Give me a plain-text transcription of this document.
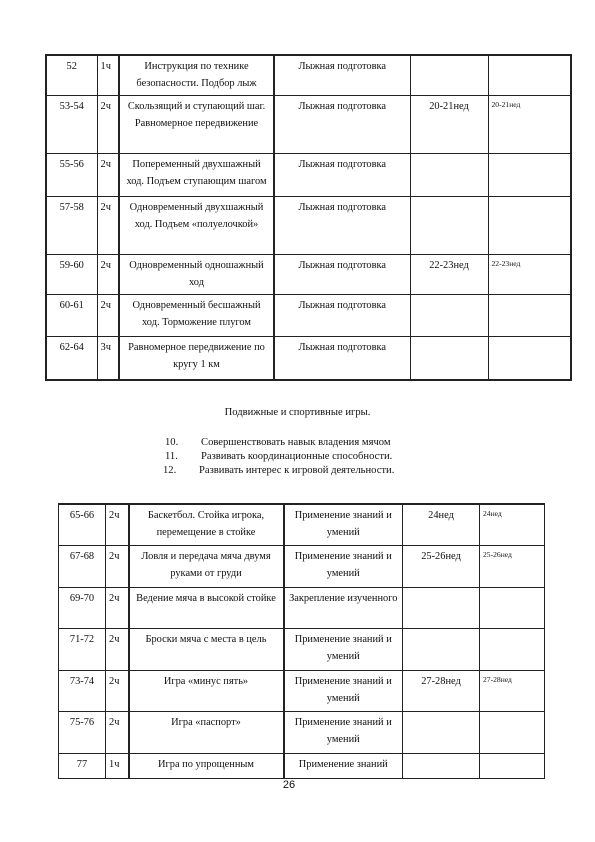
52	1ч	Инструкция по технике безопасности. Подбор лыж	Лыжная подготовка		
53-54	2ч	Скользящий и ступающий шаг. Равномерное передвижение	Лыжная подготовка	20-21нед	20-21нед
55-56	2ч	Попеременный двухшажный ход. Подъем ступающим шагом	Лыжная подготовка		
57-58	2ч	Одновременный двухшажный ход. Подъем «полуелочкой»	Лыжная подготовка		
59-60	2ч	Одновременный одношажный ход	Лыжная подготовка	22-23нед	22-23нед
60-61	2ч	Одновременный бесшажный ход. Торможение плугом	Лыжная подготовка		
62-64	3ч	Равномерное передвижение по кругу 1 км	Лыжная подготовка		
Подвижные и спортивные игры.
10. Совершенствовать навык владения мячом
11. Развивать координационные способности.
12. Развивать интерес к игровой деятельности.
65-66	2ч	Баскетбол. Стойка игрока, перемещение в стойке	Применение знаний и умений	24нед	24нед
67-68	2ч	Ловля и передача мяча двумя руками от груди	Применение знаний и умений	25-26нед	25-26нед
69-70	2ч	Ведение мяча в высокой стойке	Закрепление изученного		
71-72	2ч	Броски мяча с места в цель	Применение знаний и умений		
73-74	2ч	Игра «минус пять»	Применение знаний и умений	27-28нед	27-28нед
75-76	2ч	Игра «пaспорт»	Применение знаний и умений		
77	1ч	Игра по упрощенным	Применение знаний		
26
